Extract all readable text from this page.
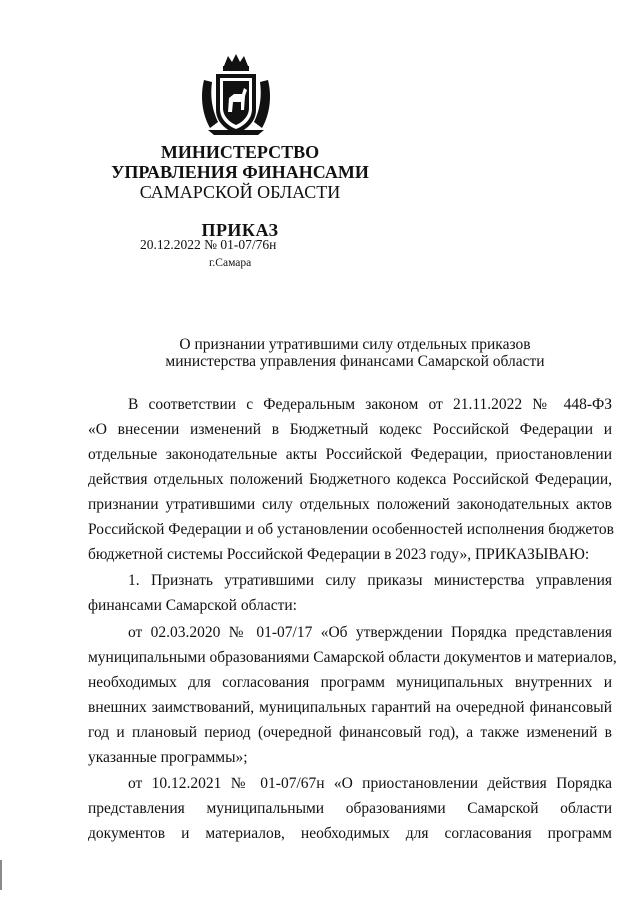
МИНИСТЕРСТВО
УПРАВЛЕНИЯ ФИНАНСАМИ
САМАРСКОЙ ОБЛАСТИ
ПРИКАЗ
20.12.2022 № 01-07/76н
г.Самара
О признании утратившими силу отдельных приказов
министерства управления финансами Самарской области
В соответствии с Федеральным законом от 21.11.2022 № 448-ФЗ
«О внесении изменений в Бюджетный кодекс Российской Федерации и
отдельные законодательные акты Российской Федерации, приостановлении
действия отдельных положений Бюджетного кодекса Российской Федерации,
признании утратившими силу отдельных положений законодательных актов
Российской Федерации и об установлении особенностей исполнения бюджетов
бюджетной системы Российской Федерации в 2023 году», ПРИКАЗЫВАЮ:
1. Признать утратившими силу приказы министерства управления
финансами Самарской области:
от 02.03.2020 № 01-07/17 «Об утверждении Порядка представления
муниципальными образованиями Самарской области документов и материалов,
необходимых для согласования программ муниципальных внутренних и
внешних заимствований, муниципальных гарантий на очередной финансовый
год и плановый период (очередной финансовый год), а также изменений в
указанные программы»;
от 10.12.2021 № 01-07/67н «О приостановлении действия Порядка
представления муниципальными образованиями Самарской области
документов и материалов, необходимых для согласования программ
